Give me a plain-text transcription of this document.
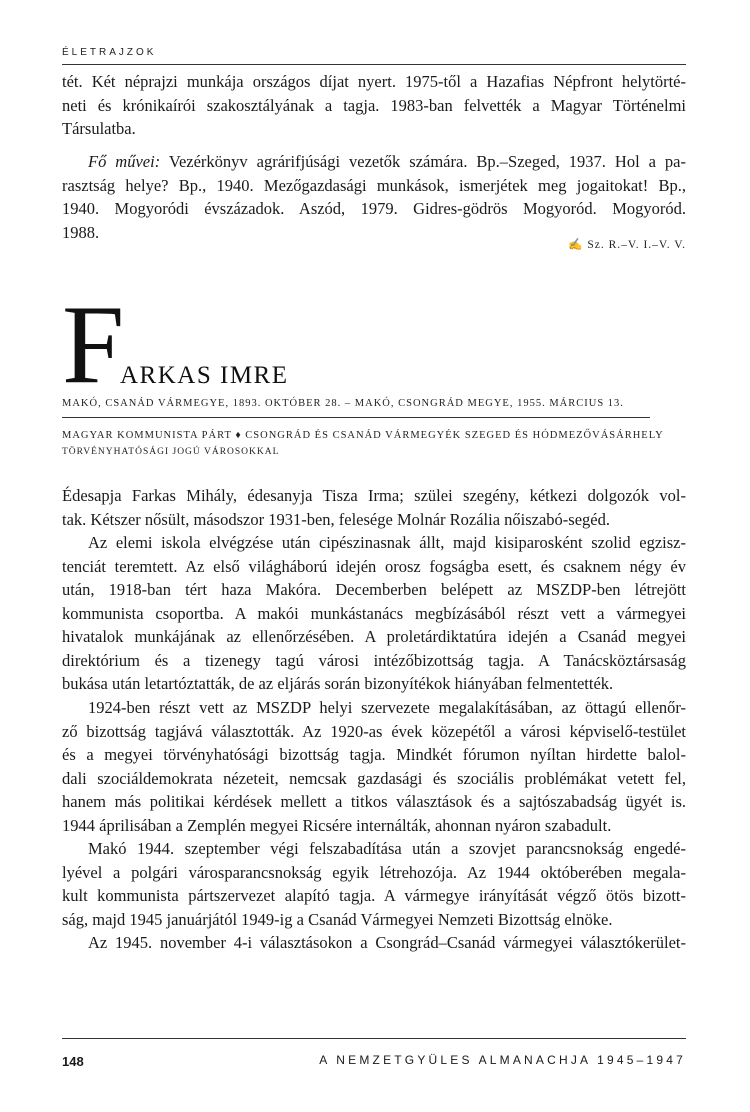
ÉLETRAJZOK

tét. Két néprajzi munkája országos díjat nyert. 1975-től a Hazafias Népfront helytörté-
neti és krónikaírói szakosztályának a tagja. 1983-ban felvették a Magyar Történelmi
Társulatba.

Fő művei: Vezérkönyv agrárifjúsági vezetők számára. Bp.–Szeged, 1937. Hol a pa-
rasztság helye? Bp., 1940. Mezőgazdasági munkások, ismerjétek meg jogaitokat! Bp.,
1940. Mogyoródi évszázadok. Aszód, 1979. Gidres-gödrös Mogyoród. Mogyoród.
1988.

✍ Sz. R.–V. I.–V. V.
F
ARKAS IMRE
MAKÓ, CSANÁD VÁRMEGYE, 1893. OKTÓBER 28. – MAKÓ, CSONGRÁD MEGYE, 1955. MÁRCIUS 13.
MAGYAR KOMMUNISTA PÁRT ♦ CSONGRÁD ÉS CSANÁD VÁRMEGYÉK SZEGED ÉS HÓDMEZŐVÁSÁRHELY
TÖRVÉNYHATÓSÁGI JOGÚ VÁROSOKKAL

Édesapja Farkas Mihály, édesanyja Tisza Irma; szülei szegény, kétkezi dolgozók vol-
tak. Kétszer nősült, másodszor 1931-ben, felesége Molnár Rozália nőiszabó-segéd.

Az elemi iskola elvégzése után cipészinasnak állt, majd kisiparosként szolid egzisz-
tenciát teremtett. Az első világháború idején orosz fogságba esett, és csaknem négy év
után, 1918-ban tért haza Makóra. Decemberben belépett az MSZDP-ben létrejött
kommunista csoportba. A makói munkástanács megbízásából részt vett a vármegyei
hivatalok munkájának az ellenőrzésében. A proletárdiktatúra idején a Csanád megyei
direktórium és a tizenegy tagú városi intézőbizottság tagja. A Tanácsköztársaság
bukása után letartóztatták, de az eljárás során bizonyítékok hiányában felmentették.

1924-ben részt vett az MSZDP helyi szervezete megalakításában, az öttagú ellenőr-
ző bizottság tagjává választották. Az 1920-as évek közepétől a városi képviselő-testület
és a megyei törvényhatósági bizottság tagja. Mindkét fórumon nyíltan hirdette balol-
dali szociáldemokrata nézeteit, nemcsak gazdasági és szociális problémákat vetett fel,
hanem más politikai kérdések mellett a titkos választások és a sajtószabadság ügyét is.
1944 áprilisában a Zemplén megyei Ricsére internálták, ahonnan nyáron szabadult.

Makó 1944. szeptember végi felszabadítása után a szovjet parancsnokság engedé-
lyével a polgári városparancsnokság egyik létrehozója. Az 1944 októberében megala-
kult kommunista pártszervezet alapító tagja. A vármegye irányítását végző ötös bizott-
ság, majd 1945 januárjától 1949-ig a Csanád Vármegyei Nemzeti Bizottság elnöke.

Az 1945. november 4-i választásokon a Csongrád–Csanád vármegyei választókerület-

148	A NEMZETGYÜLES ALMANACHJA 1945–1947
